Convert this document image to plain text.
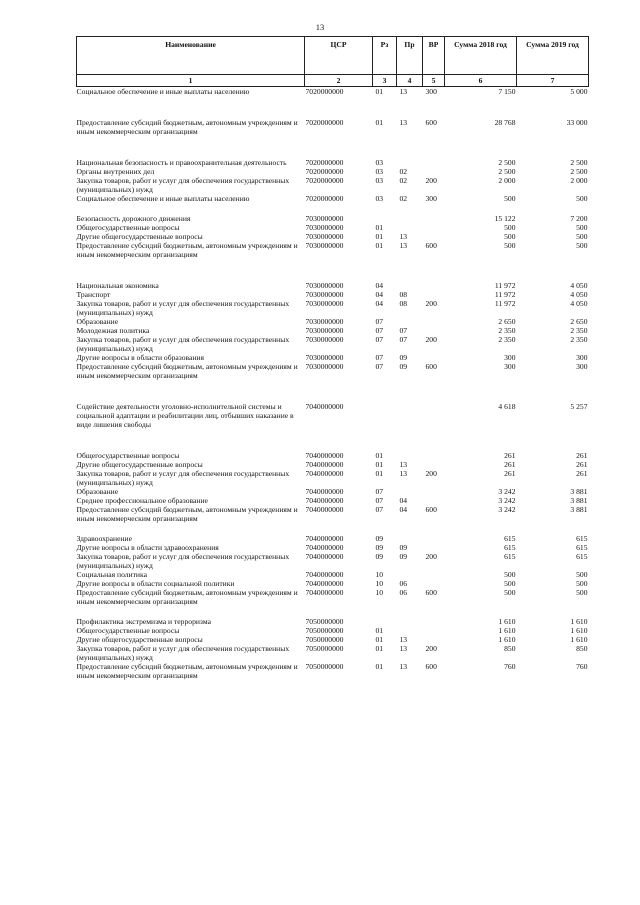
13
Наименование	ЦСР	Рз	Пр	ВР	Сумма 2018 год	Сумма 2019 год
1	2	3	4	5	6	7
Социальное обеспечение и иные выплаты населению	7020000000	01	13	300	7 150	5 000

Предоставление субсидий бюджетным, автономным учреждениям и иным некоммерческим организациям	7020000000	01	13	600	28 768	33 000

Национальная безопасность и правоохранительная деятельность	7020000000	03			2 500	2 500
Органы внутренних дел	7020000000	03	02		2 500	2 500
Закупка товаров, работ и услуг для обеспечения государственных (муниципальных) нужд	7020000000	03	02	200	2 000	2 000
Социальное обеспечение и иные выплаты населению	7020000000	03	02	300	500	500

Безопасность дорожного движения	7030000000				15 122	7 200
Общегосударственные вопросы	7030000000	01			500	500
Другие общегосударственные вопросы	7030000000	01	13		500	500
Предоставление субсидий бюджетным, автономным учреждениям и иным некоммерческим организациям	7030000000	01	13	600	500	500

Национальная экономика	7030000000	04			11 972	4 050
Транспорт	7030000000	04	08		11 972	4 050
Закупка товаров, работ и услуг для обеспечения государственных (муниципальных) нужд	7030000000	04	08	200	11 972	4 050
Образование	7030000000	07			2 650	2 650
Молодежная политика	7030000000	07	07		2 350	2 350
Закупка товаров, работ и услуг для обеспечения государственных (муниципальных) нужд	7030000000	07	07	200	2 350	2 350
Другие вопросы в области образования	7030000000	07	09		300	300
Предоставление субсидий бюджетным, автономным учреждениям и иным некоммерческим организациям	7030000000	07	09	600	300	300

Содействие деятельности уголовно-исполнительной системы и социальной адаптации и реабилитации лиц, отбывших наказание в виде лишения свободы	7040000000				4 618	5 257

Общегосударственные вопросы	7040000000	01			261	261
Другие общегосударственные вопросы	7040000000	01	13		261	261
Закупка товаров, работ и услуг для обеспечения государственных (муниципальных) нужд	7040000000	01	13	200	261	261
Образование	7040000000	07			3 242	3 881
Среднее профессиональное образование	7040000000	07	04		3 242	3 881
Предоставление субсидий бюджетным, автономным учреждениям и иным некоммерческим организациям	7040000000	07	04	600	3 242	3 881

Здравоохранение	7040000000	09			615	615
Другие вопросы в области здравоохранения	7040000000	09	09		615	615
Закупка товаров, работ и услуг для обеспечения государственных (муниципальных) нужд	7040000000	09	09	200	615	615
Социальная политика	7040000000	10			500	500
Другие вопросы в области социальной политики	7040000000	10	06		500	500
Предоставление субсидий бюджетным, автономным учреждениям и иным некоммерческим организациям	7040000000	10	06	600	500	500

Профилактика экстремизма и терроризма	7050000000				1 610	1 610
Общегосударственные вопросы	7050000000	01			1 610	1 610
Другие общегосударственные вопросы	7050000000	01	13		1 610	1 610
Закупка товаров, работ и услуг для обеспечения государственных (муниципальных) нужд	7050000000	01	13	200	850	850
Предоставление субсидий бюджетным, автономным учреждениям и иным некоммерческим организациям	7050000000	01	13	600	760	760
